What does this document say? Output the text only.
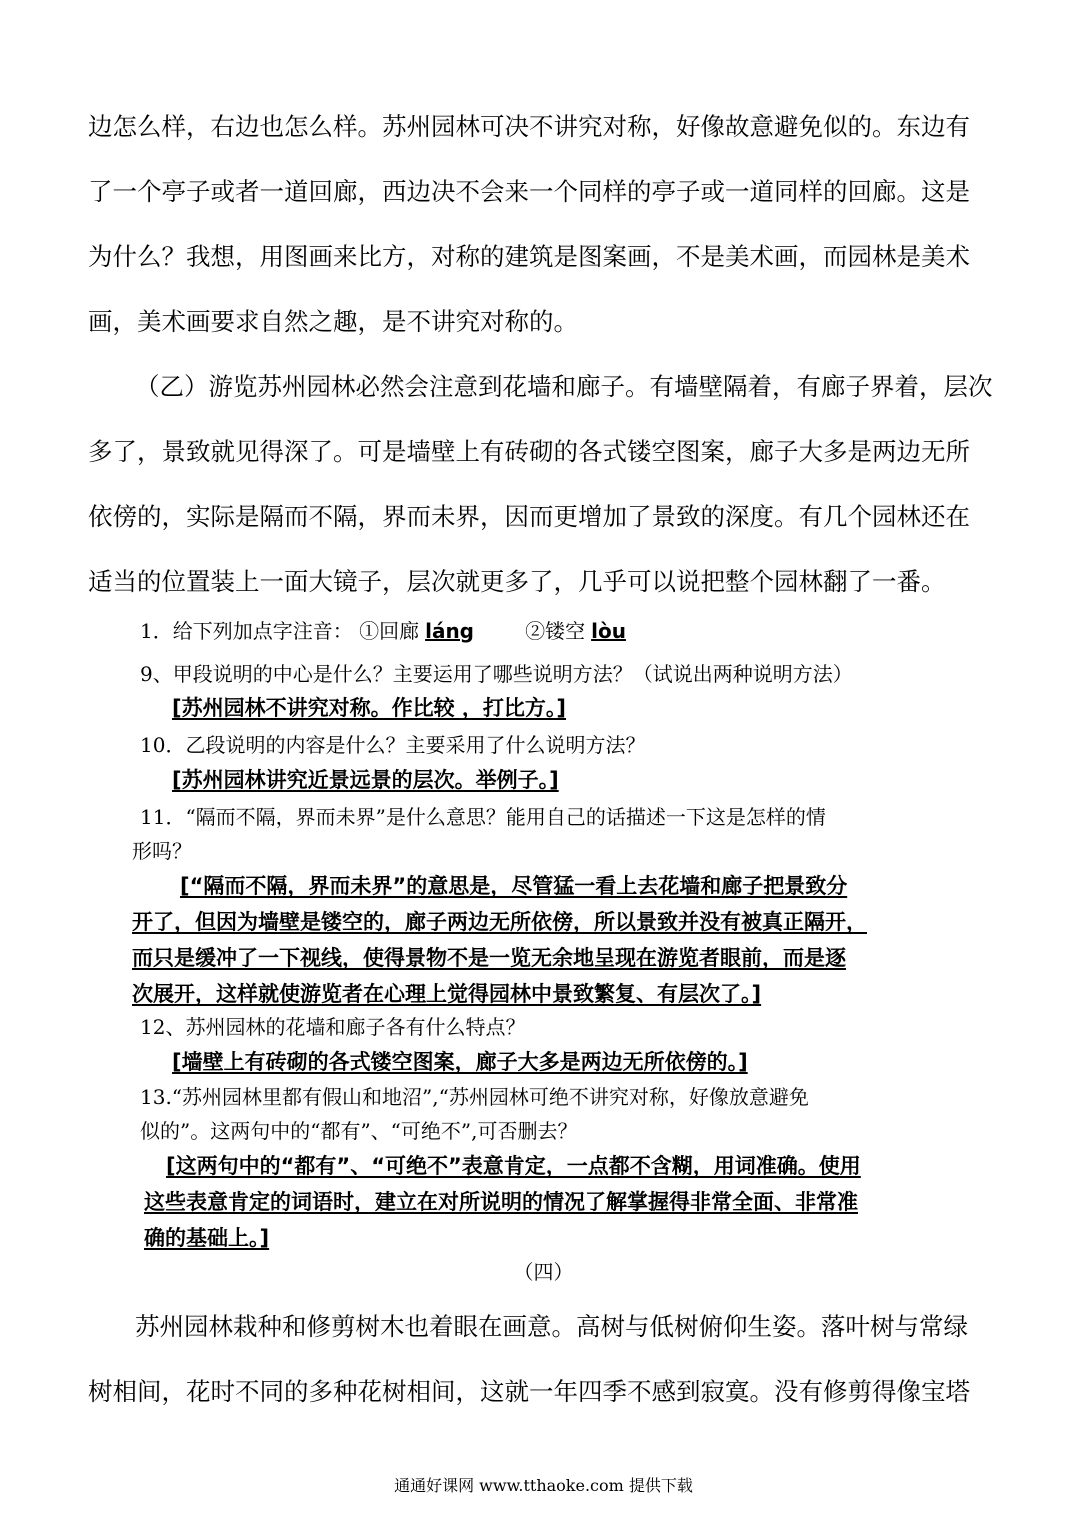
边怎么样，右边也怎么样。苏州园林可决不讲究对称，好像故意避免似的。东边有
了一个亭子或者一道回廊，西边决不会来一个同样的亭子或一道同样的回廊。这是
为什么？我想，用图画来比方，对称的建筑是图案画，不是美术画，而园林是美术
画，美术画要求自然之趣，是不讲究对称的。
（乙）游览苏州园林必然会注意到花墙和廊子。有墙壁隔着，有廊子界着，层次
多了，景致就见得深了。可是墙壁上有砖砌的各式镂空图案，廊子大多是两边无所
依傍的，实际是隔而不隔，界而未界，因而更增加了景致的深度。有几个园林还在
适当的位置装上一面大镜子，层次就更多了，几乎可以说把整个园林翻了一番。
1．给下列加点字注音： ①回廊 láng	②镂空 lòu
9、甲段说明的中心是什么？主要运用了哪些说明方法？（试说出两种说明方法）
[苏州园林不讲究对称。作比较 ，打比方。]
10．乙段说明的内容是什么？主要采用了什么说明方法？
[苏州园林讲究近景远景的层次。举例子。]
11．“隔而不隔，界而未界”是什么意思？能用自己的话描述一下这是怎样的情
形吗？
[“隔而不隔，界而未界”的意思是，尽管猛一看上去花墙和廊子把景致分
开了，但因为墙壁是镂空的，廊子两边无所依傍，所以景致并没有被真正隔开，
而只是缓冲了一下视线，使得景物不是一览无余地呈现在游览者眼前，而是逐
次展开，这样就使游览者在心理上觉得园林中景致繁复、有层次了。]
12、苏州园林的花墙和廊子各有什么特点？
[墙壁上有砖砌的各式镂空图案，廊子大多是两边无所依傍的。]
13.“苏州园林里都有假山和地沼”,“苏州园林可绝不讲究对称，好像放意避免
似的”。这两句中的“都有”、“可绝不”,可否删去？
[这两句中的“都有”、“可绝不”表意肯定，一点都不含糊，用词准确。使用
这些表意肯定的词语时，建立在对所说明的情况了解掌握得非常全面、非常准
确的基础上。]
（四）
苏州园林栽种和修剪树木也着眼在画意。高树与低树俯仰生姿。落叶树与常绿
树相间，花时不同的多种花树相间，这就一年四季不感到寂寞。没有修剪得像宝塔
通通好课网 www.tthaoke.com 提供下载
